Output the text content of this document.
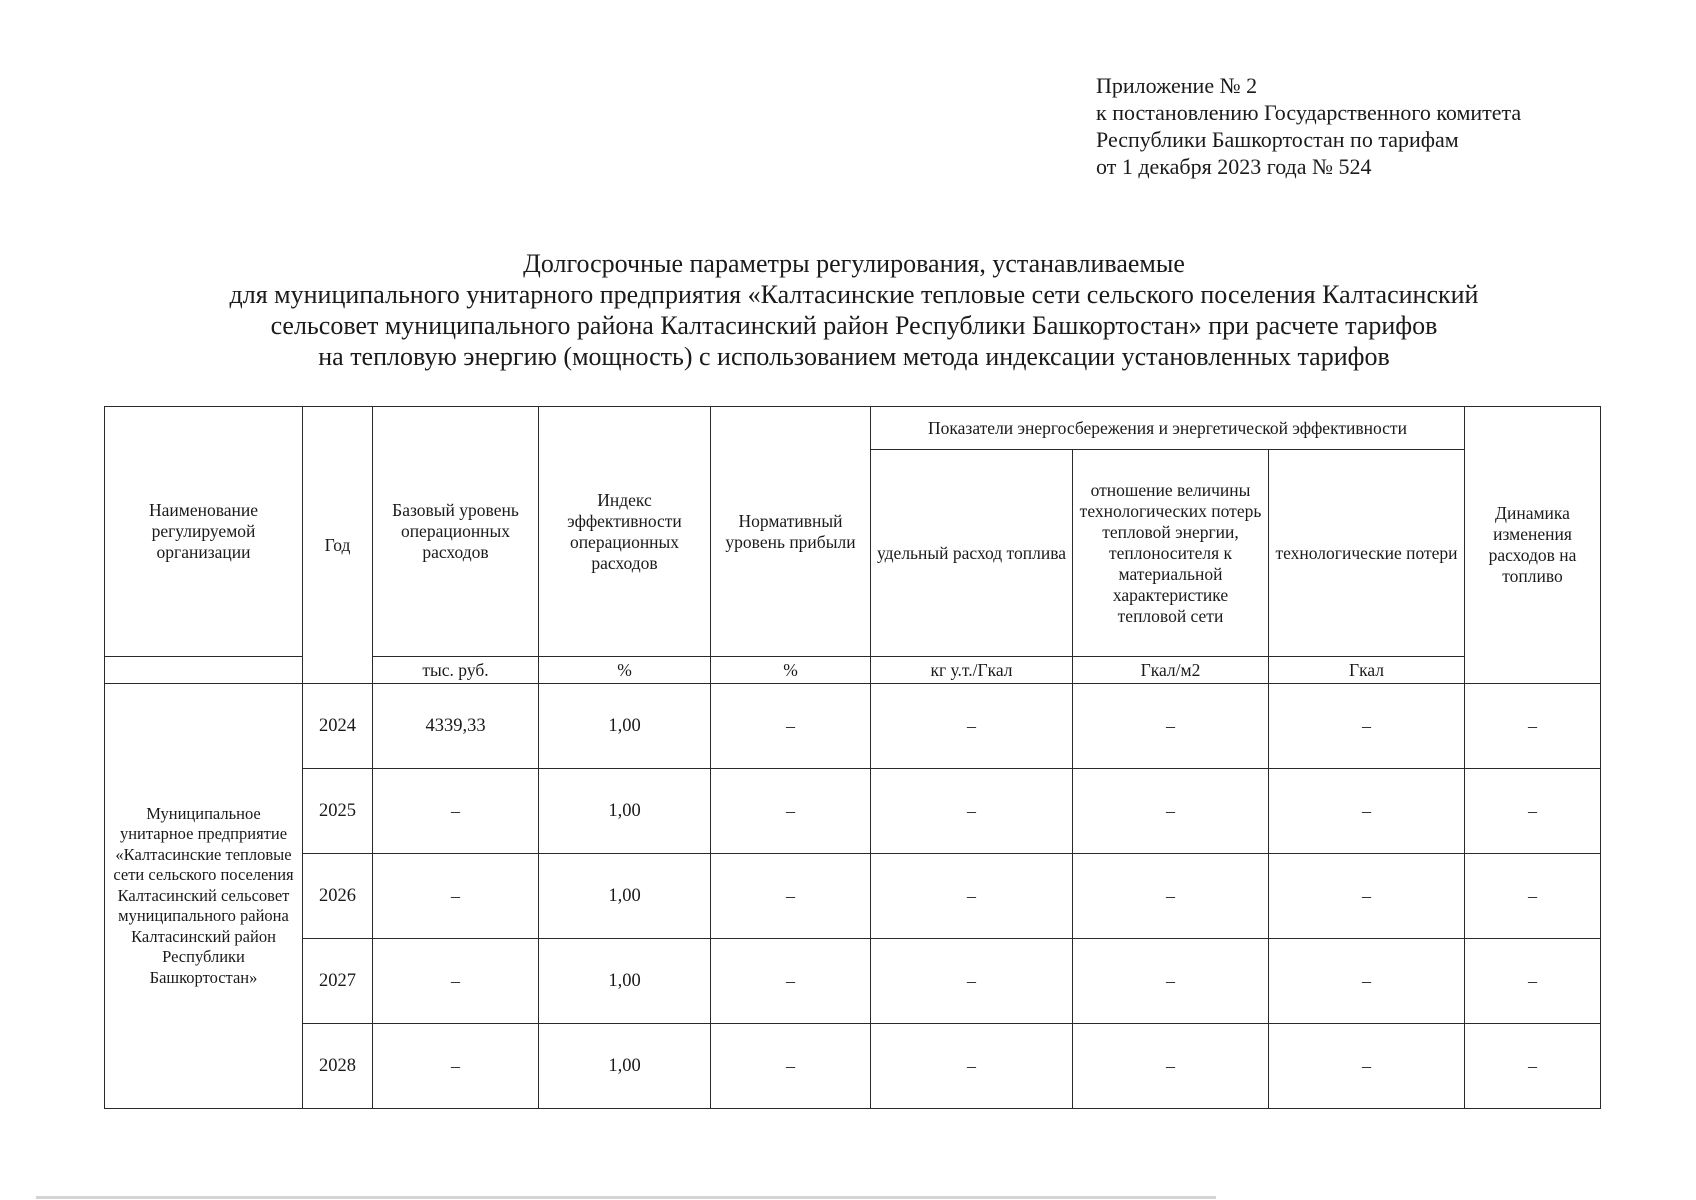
Приложение № 2
к постановлению Государственного комитета
Республики Башкортостан по тарифам
от 1 декабря 2023 года № 524
Долгосрочные параметры регулирования, устанавливаемые
для муниципального унитарного предприятия «Калтасинские тепловые сети сельского поселения Калтасинский
сельсовет муниципального района Калтасинский район Республики Башкортостан» при расчете тарифов
на тепловую энергию (мощность) с использованием метода индексации установленных тарифов
Наименование регулируемой организации	Год	Базовый уровень операционных расходов	Индекс эффективности операционных расходов	Нормативный уровень прибыли	Показатели энергосбережения и энергетической эффективности			Динамика изменения расходов на топливо
					удельный расход топлива	отношение величины технологических потерь тепловой энергии, теплоносителя к материальной характеристике тепловой сети	технологические потери	
		тыс. руб.	%	%	кг у.т./Гкал	Гкал/м2	Гкал	
Муниципальное унитарное предприятие «Калтасинские тепловые сети сельского поселения Калтасинский сельсовет муниципального района Калтасинский район Республики Башкортостан»	2024	4339,33	1,00	–	–	–	–	–
	2025	–	1,00	–	–	–	–	–
	2026	–	1,00	–	–	–	–	–
	2027	–	1,00	–	–	–	–	–
	2028	–	1,00	–	–	–	–	–
